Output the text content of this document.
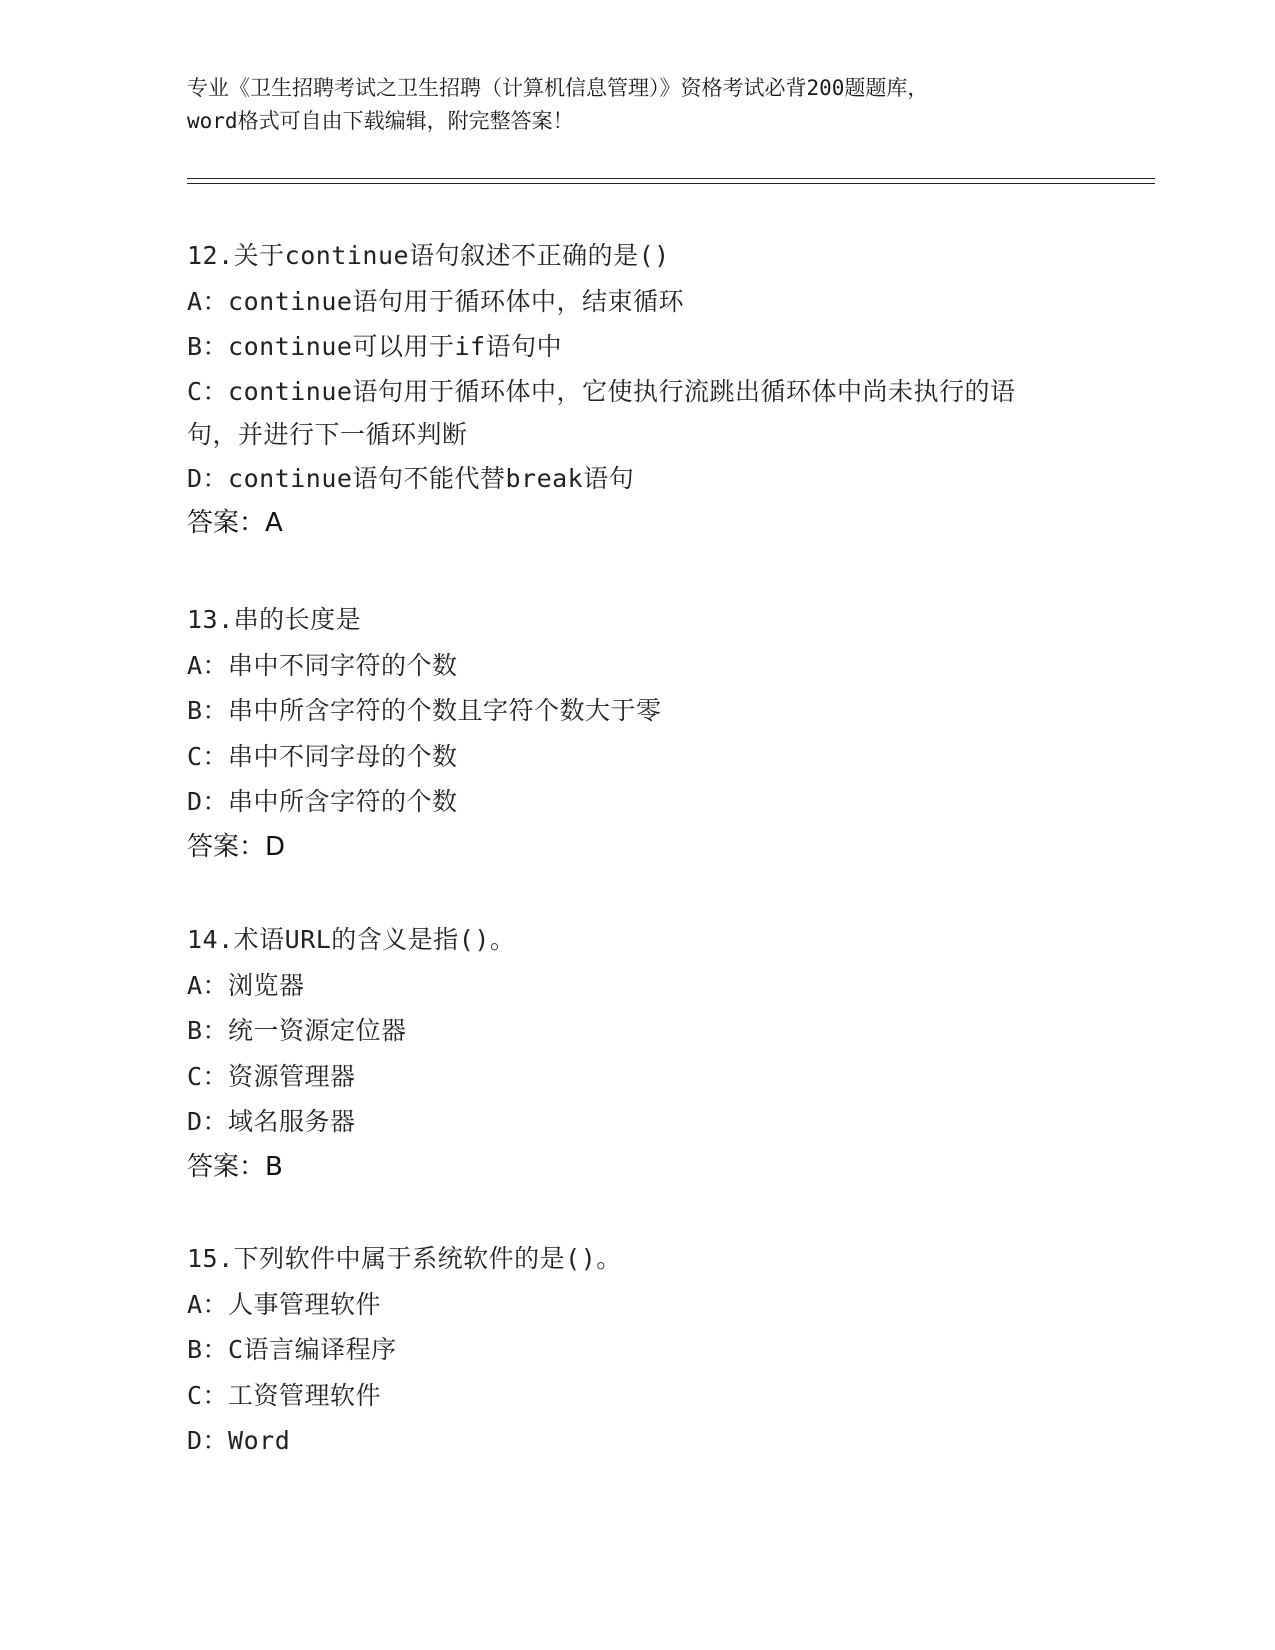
专业《卫生招聘考试之卫生招聘（计算机信息管理）》资格考试必背200题题库，
word格式可自由下载编辑，附完整答案！
12.关于continue语句叙述不正确的是()
A：continue语句用于循环体中，结束循环
B：continue可以用于if语句中
C：continue语句用于循环体中，它使执行流跳出循环体中尚未执行的语句，并进行下一循环判断
D：continue语句不能代替break语句
答案：A
13.串的长度是
A：串中不同字符的个数
B：串中所含字符的个数且字符个数大于零
C：串中不同字母的个数
D：串中所含字符的个数
答案：D
14.术语URL的含义是指()。
A：浏览器
B：统一资源定位器
C：资源管理器
D：域名服务器
答案：B
15.下列软件中属于系统软件的是()。
A：人事管理软件
B：C语言编译程序
C：工资管理软件
D：Word
